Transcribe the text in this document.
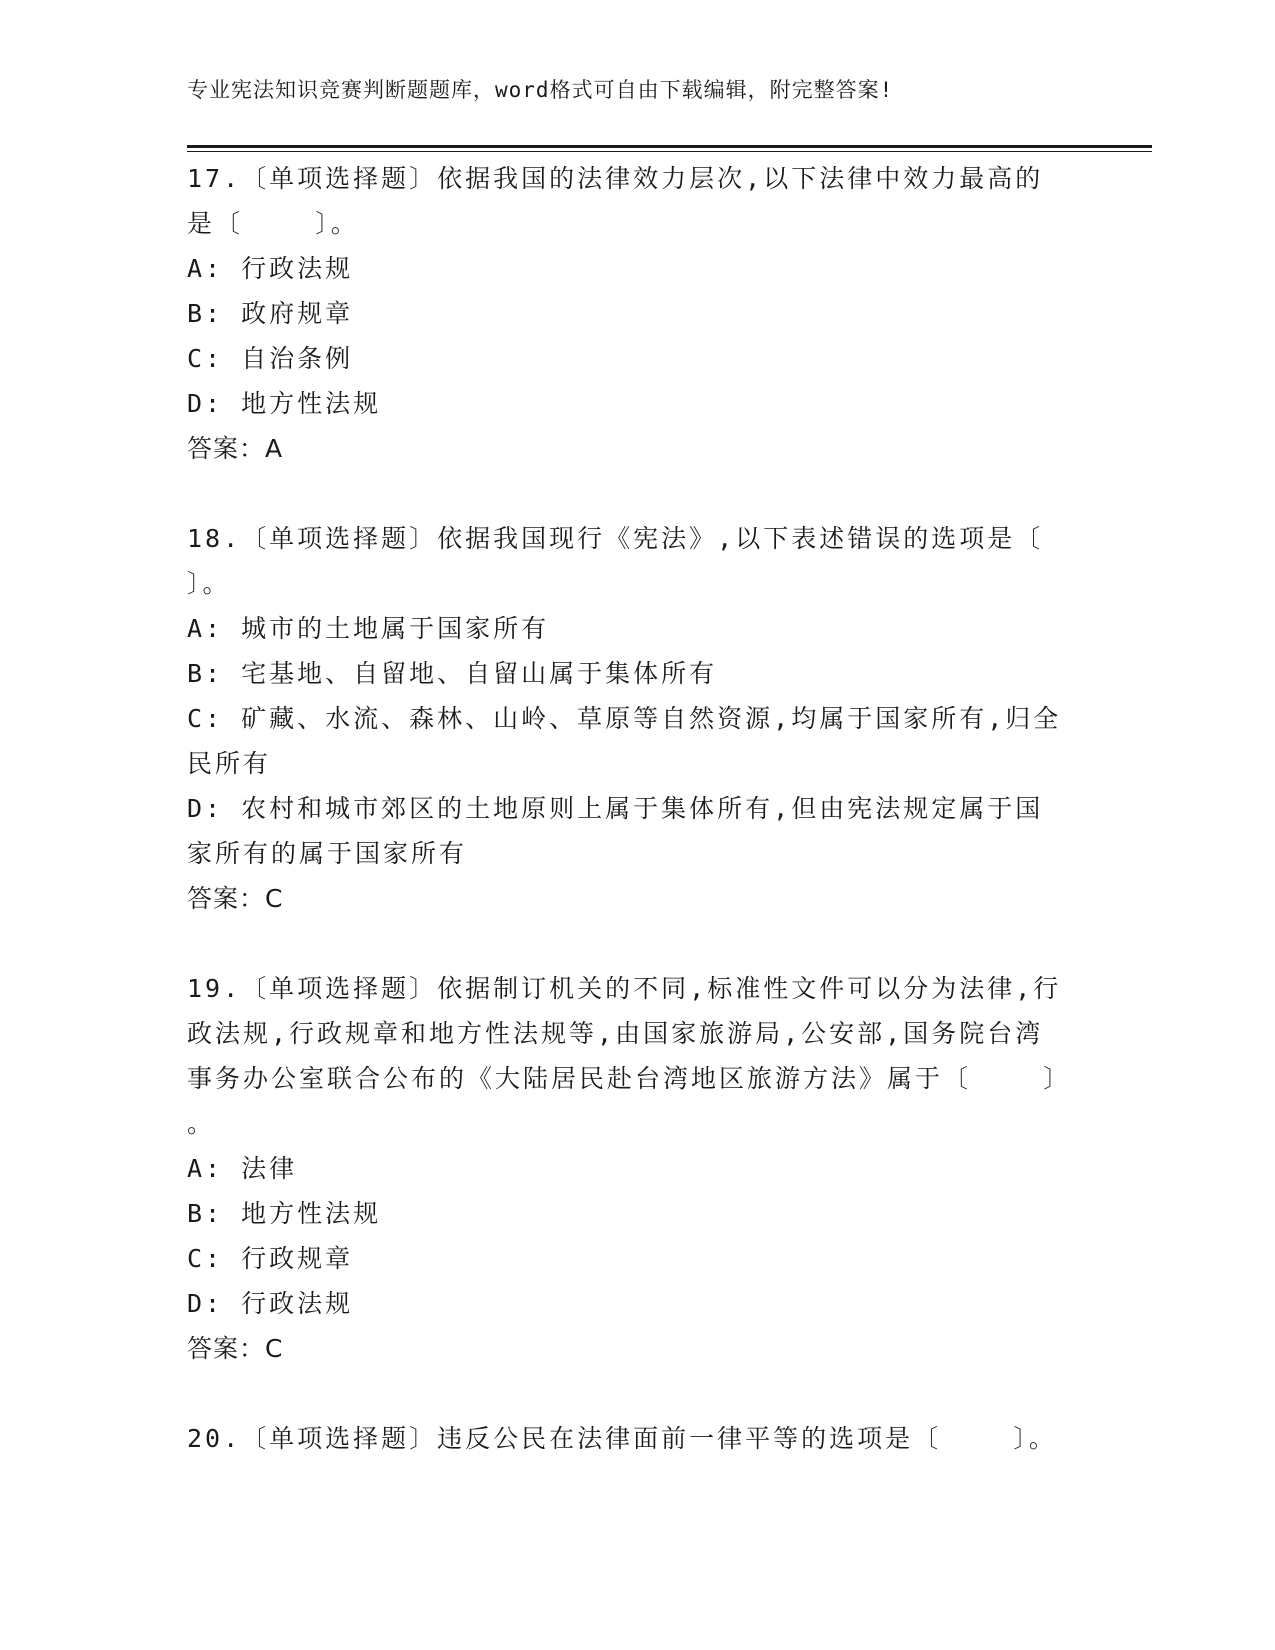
专业宪法知识竞赛判断题题库，word格式可自由下载编辑，附完整答案!
17.〔单项选择题〕依据我国的法律效力层次,以下法律中效力最高的
是〔    〕。
A: 行政法规
B: 政府规章
C: 自治条例
D: 地方性法规
答案：A
18.〔单项选择题〕依据我国现行《宪法》,以下表述错误的选项是〔
〕。
A: 城市的土地属于国家所有
B: 宅基地、自留地、自留山属于集体所有
C: 矿藏、水流、森林、山岭、草原等自然资源,均属于国家所有,归全
民所有
D: 农村和城市郊区的土地原则上属于集体所有,但由宪法规定属于国
家所有的属于国家所有
答案：C
19.〔单项选择题〕依据制订机关的不同,标准性文件可以分为法律,行
政法规,行政规章和地方性法规等,由国家旅游局,公安部,国务院台湾
事务办公室联合公布的《大陆居民赴台湾地区旅游方法》属于〔    〕
。
A: 法律
B: 地方性法规
C: 行政规章
D: 行政法规
答案：C
20.〔单项选择题〕违反公民在法律面前一律平等的选项是〔    〕。
